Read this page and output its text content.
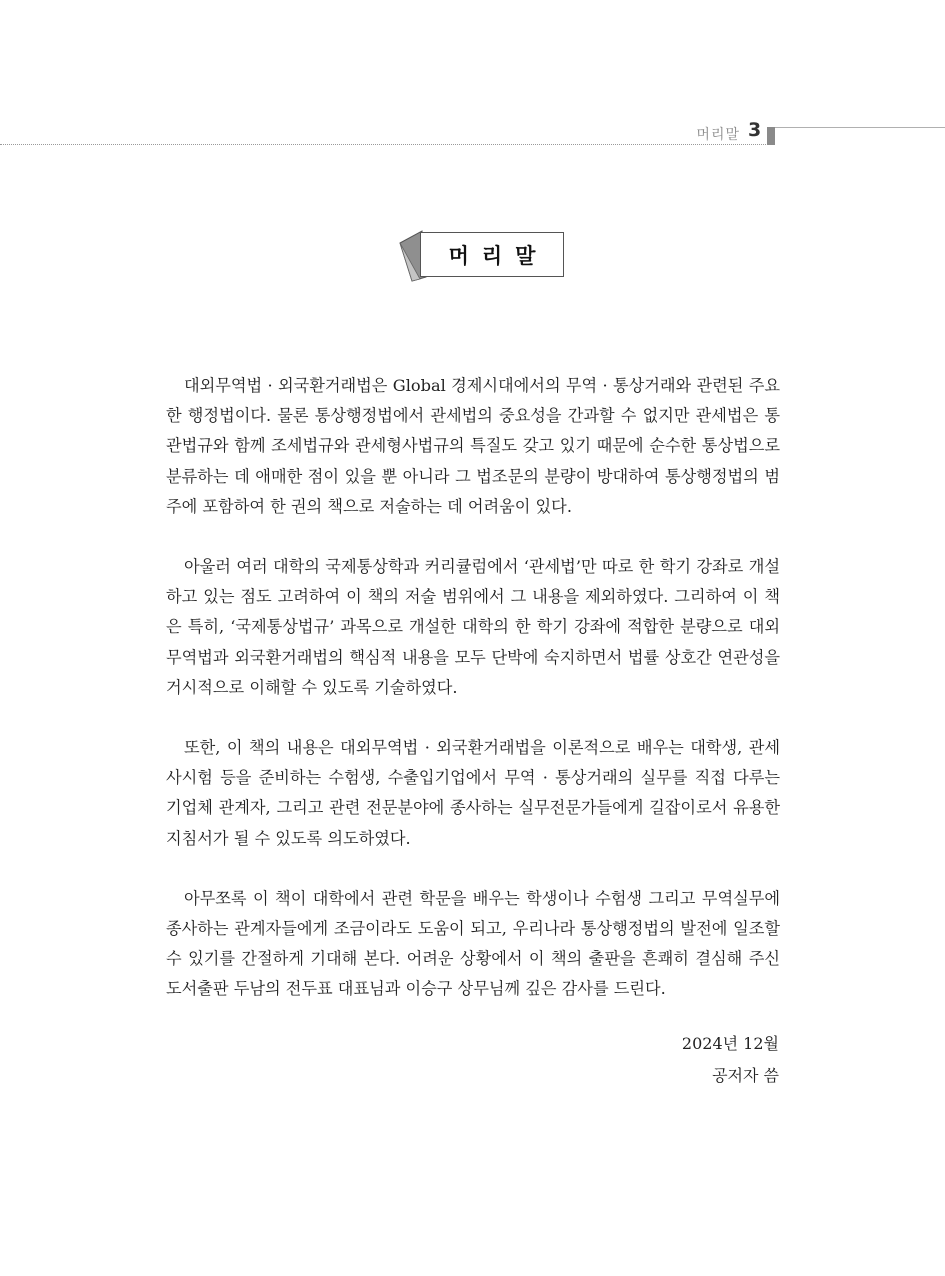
머리말 3
머리말

대외무역법 · 외국환거래법은 Global 경제시대에서의 무역 · 통상거래와 관련된 주요한 행정법이다. 물론 통상행정법에서 관세법의 중요성을 간과할 수 없지만 관세법은 통관법규와 함께 조세법규와 관세형사법규의 특질도 갖고 있기 때문에 순수한 통상법으로 분류하는 데 애매한 점이 있을 뿐 아니라 그 법조문의 분량이 방대하여 통상행정법의 범주에 포함하여 한 권의 책으로 저술하는 데 어려움이 있다.

아울러 여러 대학의 국제통상학과 커리큘럼에서 ‘관세법’만 따로 한 학기 강좌로 개설하고 있는 점도 고려하여 이 책의 저술 범위에서 그 내용을 제외하였다. 그리하여 이 책은 특히, ‘국제통상법규’ 과목으로 개설한 대학의 한 학기 강좌에 적합한 분량으로 대외무역법과 외국환거래법의 핵심적 내용을 모두 단박에 숙지하면서 법률 상호간 연관성을 거시적으로 이해할 수 있도록 기술하였다.

또한, 이 책의 내용은 대외무역법 · 외국환거래법을 이론적으로 배우는 대학생, 관세사시험 등을 준비하는 수험생, 수출입기업에서 무역 · 통상거래의 실무를 직접 다루는 기업체 관계자, 그리고 관련 전문분야에 종사하는 실무전문가들에게 길잡이로서 유용한 지침서가 될 수 있도록 의도하였다.

아무쪼록 이 책이 대학에서 관련 학문을 배우는 학생이나 수험생 그리고 무역실무에 종사하는 관계자들에게 조금이라도 도움이 되고, 우리나라 통상행정법의 발전에 일조할 수 있기를 간절하게 기대해 본다. 어려운 상황에서 이 책의 출판을 흔쾌히 결심해 주신 도서출판 두남의 전두표 대표님과 이승구 상무님께 깊은 감사를 드린다.

2024년 12월
공저자 씀
